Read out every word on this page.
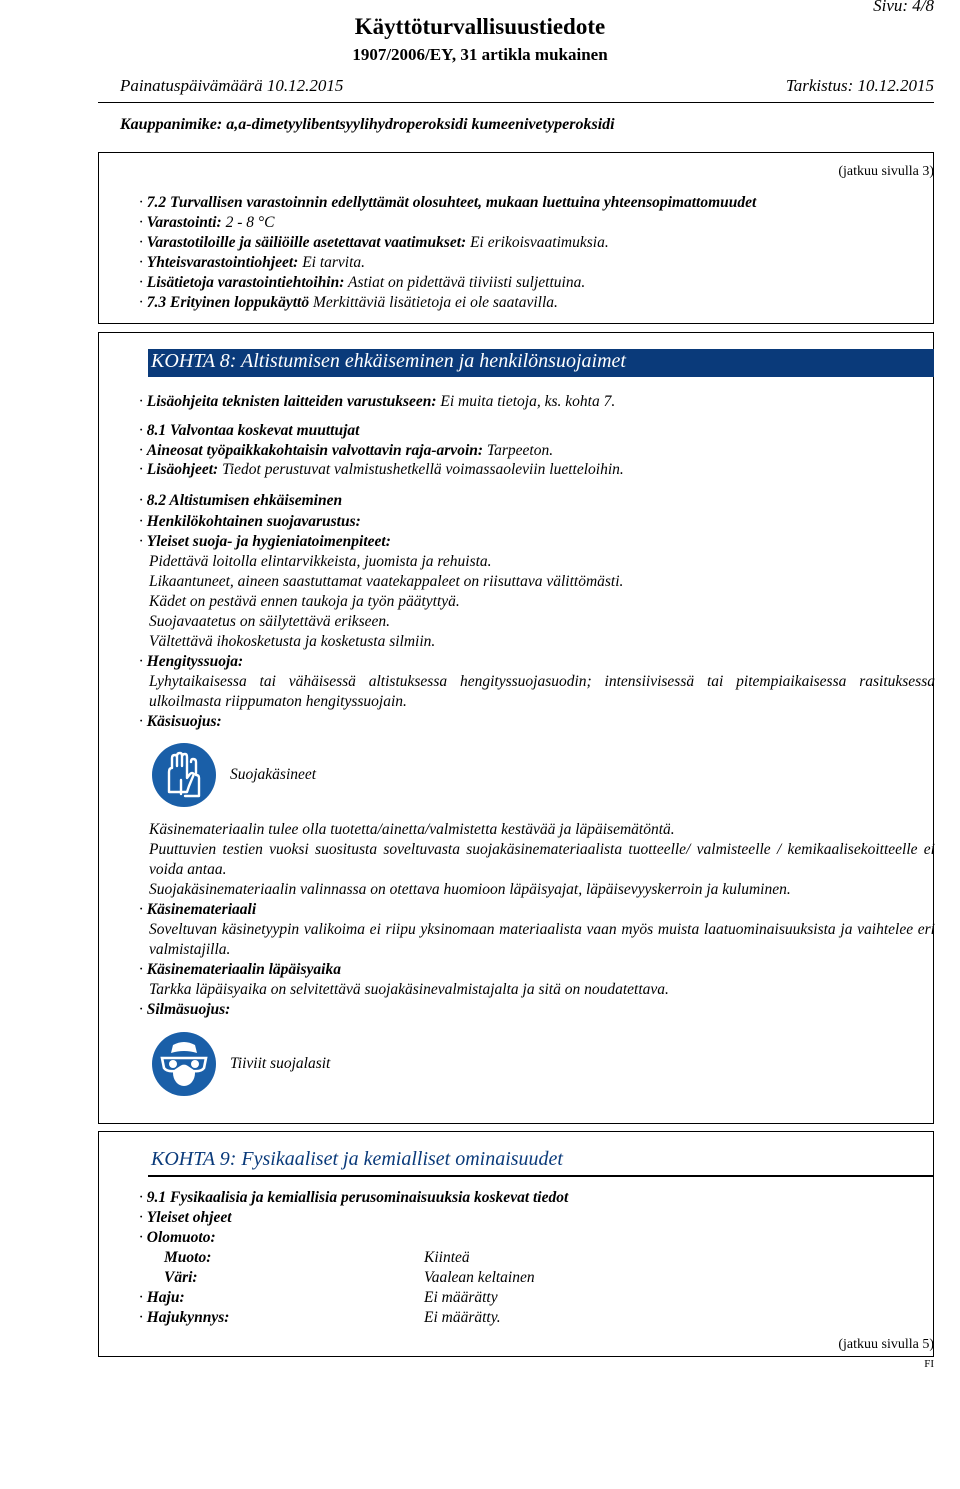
Sivu: 4/8
Käyttöturvallisuustiedote
1907/2006/EY, 31 artikla mukainen
Painatuspäivämäärä 10.12.2015	Tarkistus: 10.12.2015
Kauppanimike: a,a-dimetyylibentsyylihydroperoksidi kumeenivetyperoksidi
(jatkuu sivulla 3)
· 7.2 Turvallisen varastoinnin edellyttämät olosuhteet, mukaan luettuina yhteensopimattomuudet
· Varastointi: 2 - 8 °C
· Varastotiloille ja säiliöille asetettavat vaatimukset: Ei erikoisvaatimuksia.
· Yhteisvarastointiohjeet: Ei tarvita.
· Lisätietoja varastointiehtoihin: Astiat on pidettävä tiiviisti suljettuina.
· 7.3 Erityinen loppukäyttö Merkittäviä lisätietoja ei ole saatavilla.
KOHTA 8: Altistumisen ehkäiseminen ja henkilönsuojaimet
· Lisäohjeita teknisten laitteiden varustukseen: Ei muita tietoja, ks. kohta 7.
· 8.1 Valvontaa koskevat muuttujat
· Aineosat työpaikkakohtaisin valvottavin raja-arvoin: Tarpeeton.
· Lisäohjeet: Tiedot perustuvat valmistushetkellä voimassaoleviin luetteloihin.
· 8.2 Altistumisen ehkäiseminen
· Henkilökohtainen suojavarustus:
· Yleiset suoja- ja hygieniatoimenpiteet:
Pidettävä loitolla elintarvikkeista, juomista ja rehuista.
Likaantuneet, aineen saastuttamat vaatekappaleet on riisuttava välittömästi.
Kädet on pestävä ennen taukoja ja työn päätyttyä.
Suojavaatetus on säilytettävä erikseen.
Vältettävä ihokosketusta ja kosketusta silmiin.
· Hengityssuoja:
Lyhytaikaisessa tai vähäisessä altistuksessa hengityssuojasuodin; intensiivisessä tai pitempiaikaisessa rasituksessa ulkoilmasta riippumaton hengityssuojain.
· Käsisuojus:
Suojakäsineet
Käsinemateriaalin tulee olla tuotetta/ainetta/valmistetta kestävää ja läpäisemätöntä.
Puuttuvien testien vuoksi suositusta soveltuvasta suojakäsinemateriaalista tuotteelle/ valmisteelle / kemikaalisekoitteelle ei voida antaa.
Suojakäsinemateriaalin valinnassa on otettava huomioon läpäisyajat, läpäisevyyskerroin ja kuluminen.
· Käsinemateriaali
Soveltuvan käsinetyypin valikoima ei riipu yksinomaan materiaalista vaan myös muista laatuominaisuuksista ja vaihtelee eri valmistajilla.
· Käsinemateriaalin läpäisyaika
Tarkka läpäisyaika on selvitettävä suojakäsinevalmistajalta ja sitä on noudatettava.
· Silmäsuojus:
Tiiviit suojalasit
KOHTA 9: Fysikaaliset ja kemialliset ominaisuudet
· 9.1 Fysikaalisia ja kemiallisia perusominaisuuksia koskevat tiedot
· Yleiset ohjeet
· Olomuoto:
Muoto:	Kiinteä
Väri:	Vaalean keltainen
· Haju:	Ei määrätty
· Hajukynnys:	Ei määrätty.
(jatkuu sivulla 5)
FI
